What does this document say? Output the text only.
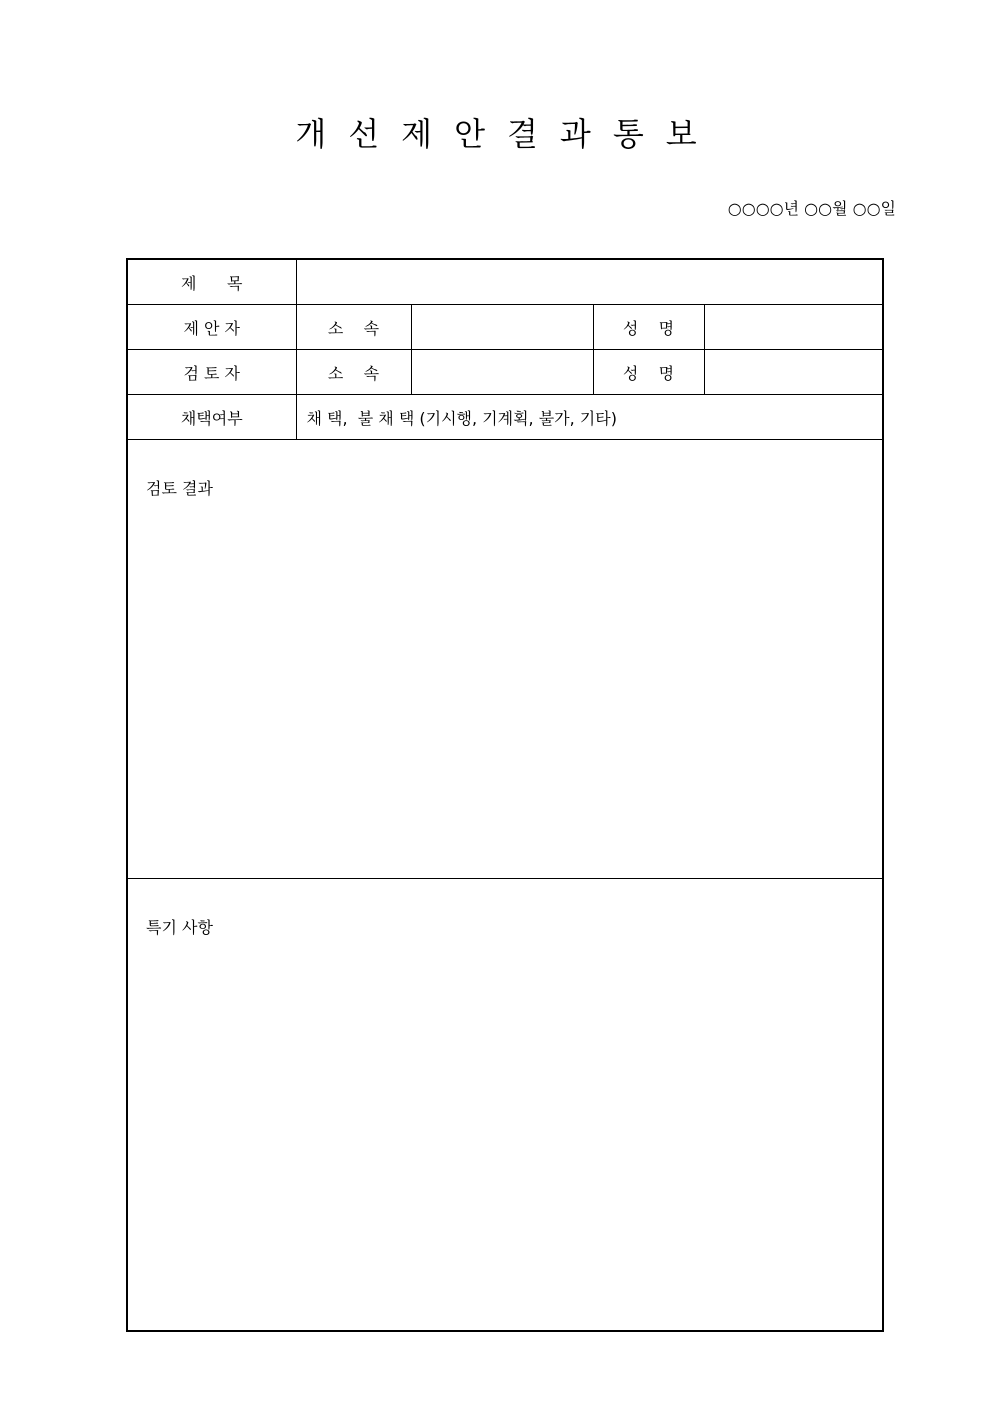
개선제안결과통보
○○○○년 ○○월 ○○일
제      목				
제 안 자	소    속		성    명	
검 토 자	소    속		성    명	
채택여부	채 택,  불 채 택 (기시행, 기계획, 불가, 기타)			

검토 결과				

특기 사항				
